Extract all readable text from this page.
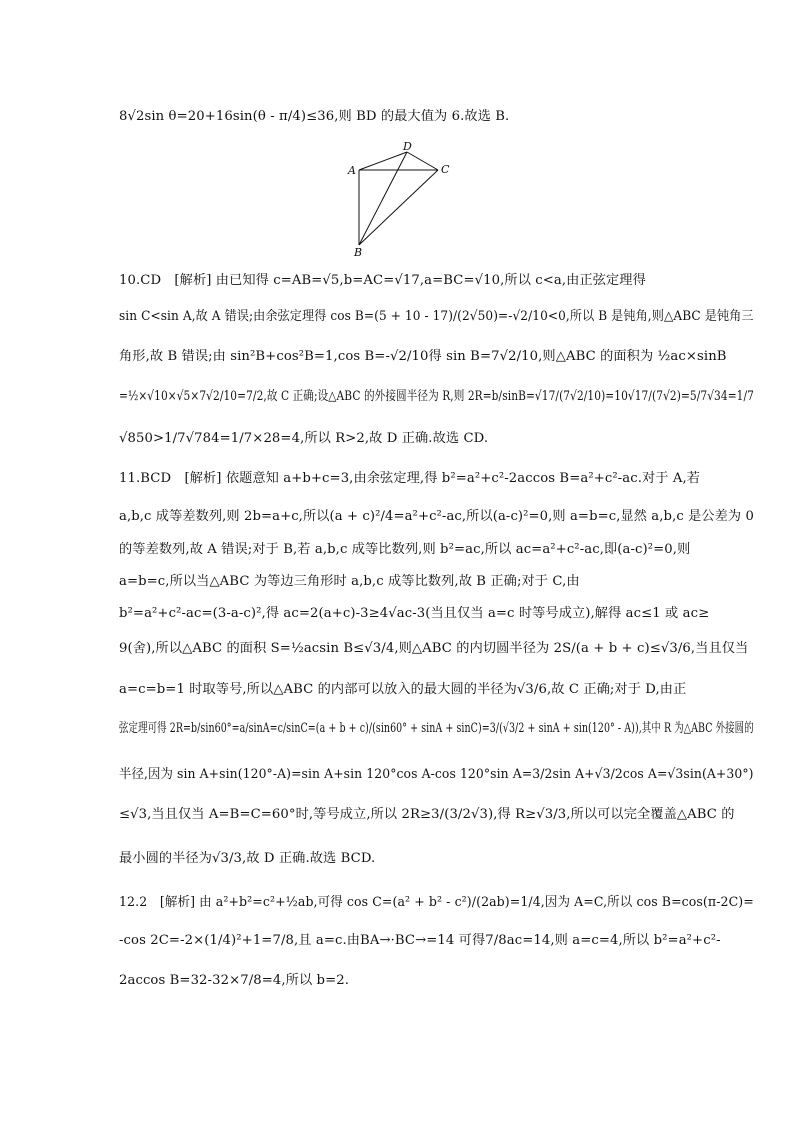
8√2sin θ=20+16sin(θ - π/4)≤36,则 BD 的最大值为 6.故选 B.
A
B
C
D
10.CD　[解析] 由已知得 c=AB=√5,b=AC=√17,a=BC=√10,所以 c<a,由正弦定理得
sin C<sin A,故 A 错误;由余弦定理得 cos B=(5 + 10 - 17)/(2√50)=-√2/10<0,所以 B 是钝角,则△ABC 是钝角三
角形,故 B 错误;由 sin²B+cos²B=1,cos B=-√2/10得 sin B=7√2/10,则△ABC 的面积为 ½ac×sinB
=½×√10×√5×7√2/10=7/2,故 C 正确;设△ABC 的外接圆半径为 R,则 2R=b/sinB=√17/(7√2/10)=10√17/(7√2)=5/7√34=1/7
√850>1/7√784=1/7×28=4,所以 R>2,故 D 正确.故选 CD.
11.BCD　[解析] 依题意知 a+b+c=3,由余弦定理,得 b²=a²+c²-2accos B=a²+c²-ac.对于 A,若
a,b,c 成等差数列,则 2b=a+c,所以(a + c)²/4=a²+c²-ac,所以(a-c)²=0,则 a=b=c,显然 a,b,c 是公差为 0
的等差数列,故 A 错误;对于 B,若 a,b,c 成等比数列,则 b²=ac,所以 ac=a²+c²-ac,即(a-c)²=0,则
a=b=c,所以当△ABC 为等边三角形时 a,b,c 成等比数列,故 B 正确;对于 C,由
b²=a²+c²-ac=(3-a-c)²,得 ac=2(a+c)-3≥4√ac-3(当且仅当 a=c 时等号成立),解得 ac≤1 或 ac≥
9(舍),所以△ABC 的面积 S=½acsin B≤√3/4,则△ABC 的内切圆半径为 2S/(a + b + c)≤√3/6,当且仅当
a=c=b=1 时取等号,所以△ABC 的内部可以放入的最大圆的半径为√3/6,故 C 正确;对于 D,由正
弦定理可得 2R=b/sin60°=a/sinA=c/sinC=(a + b + c)/(sin60° + sinA + sinC)=3/(√3/2 + sinA + sin(120° - A)),其中 R 为△ABC 外接圆的
半径,因为 sin A+sin(120°-A)=sin A+sin 120°cos A-cos 120°sin A=3/2sin A+√3/2cos A=√3sin(A+30°)
≤√3,当且仅当 A=B=C=60°时,等号成立,所以 2R≥3/(3/2√3),得 R≥√3/3,所以可以完全覆盖△ABC 的
最小圆的半径为√3/3,故 D 正确.故选 BCD.
12.2　[解析] 由 a²+b²=c²+½ab,可得 cos C=(a² + b² - c²)/(2ab)=1/4,因为 A=C,所以 cos B=cos(π-2C)=
-cos 2C=-2×(1/4)²+1=7/8,且 a=c.由BA→·BC→=14 可得7/8ac=14,则 a=c=4,所以 b²=a²+c²-
2accos B=32-32×7/8=4,所以 b=2.
